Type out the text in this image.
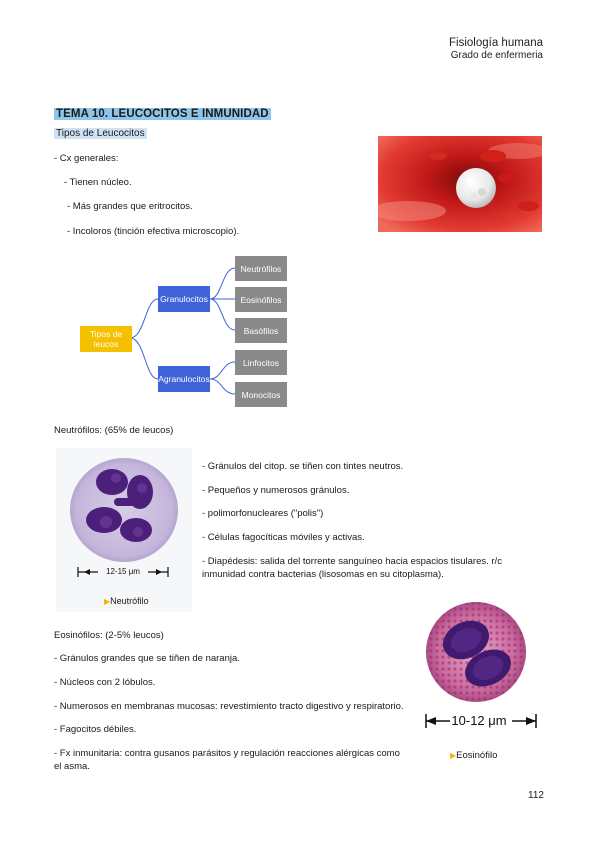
Fisiología humana
Grado de enfermeria
TEMA 10. LEUCOCITOS E INMUNIDAD
Tipos de Leucocitos
- Cx generales:
- Tienen núcleo.
- Más grandes que eritrocitos.
- Incoloros (tinción efectiva microscopio).
Tipos de leucos
Granulocitos
Agranulocitos
Neutrófilos
Eosinófilos
Basófilos
Linfocitos
Monocitos
Neutrófilos: (65% de leucos)
12-15 μm
▶Neutrófilo
- Gránulos del citop. se tiñen con tintes neutros.
- Pequeños y numerosos gránulos.
- polimorfonucleares ("polis")
- Células fagocíticas móviles y activas.
- Diapédesis: salida del torrente sanguíneo hacia espacios tisulares. r/c inmunidad contra bacterias (lisosomas en su citoplasma).
Eosinófilos: (2-5% leucos)
- Gránulos grandes que se tiñen de naranja.
- Núcleos con 2 lóbulos.
- Numerosos en membranas mucosas: revestimiento tracto digestivo y respiratorio.
- Fagocitos débiles.
- Fx inmunitaria: contra gusanos parásitos y regulación reacciones alérgicas como el asma.
10-12 μm
▶Eosinófilo
112
